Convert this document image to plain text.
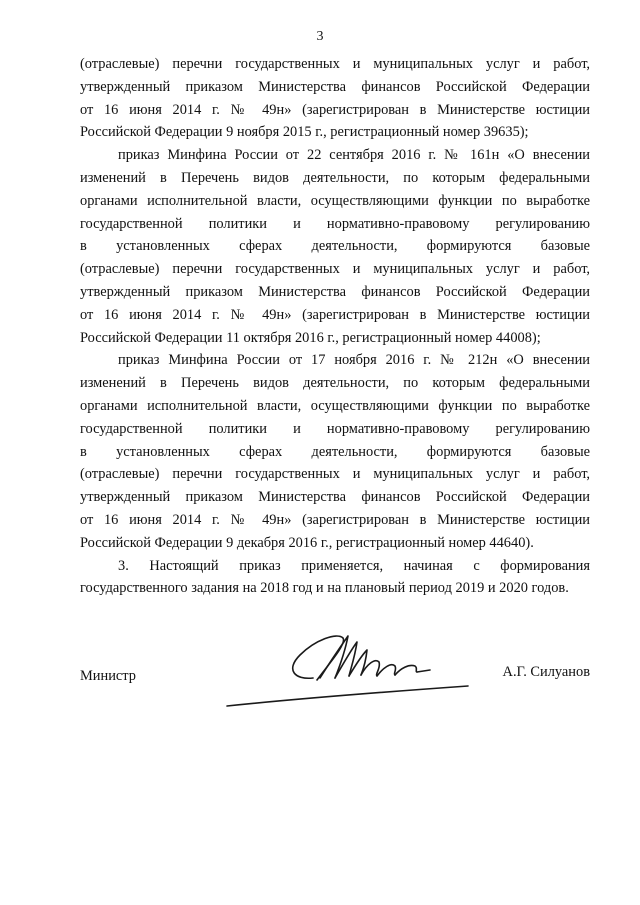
3
(отраслевые) перечни государственных и муниципальных услуг и работ,
утвержденный приказом Министерства финансов Российской Федерации
от 16 июня 2014 г. № 49н» (зарегистрирован в Министерстве юстиции
Российской Федерации 9 ноября 2015 г., регистрационный номер 39635);
приказ Минфина России от 22 сентября 2016 г. № 161н «О внесении
изменений в Перечень видов деятельности, по которым федеральными
органами исполнительной власти, осуществляющими функции по выработке
государственной политики и нормативно-правовому регулированию
в установленных сферах деятельности, формируются базовые
(отраслевые) перечни государственных и муниципальных услуг и работ,
утвержденный приказом Министерства финансов Российской Федерации
от 16 июня 2014 г. № 49н» (зарегистрирован в Министерстве юстиции
Российской Федерации 11 октября 2016 г., регистрационный номер 44008);
приказ Минфина России от 17 ноября 2016 г. № 212н «О внесении
изменений в Перечень видов деятельности, по которым федеральными
органами исполнительной власти, осуществляющими функции по выработке
государственной политики и нормативно-правовому регулированию
в установленных сферах деятельности, формируются базовые
(отраслевые) перечни государственных и муниципальных услуг и работ,
утвержденный приказом Министерства финансов Российской Федерации
от 16 июня 2014 г. № 49н» (зарегистрирован в Министерстве юстиции
Российской Федерации 9 декабря 2016 г., регистрационный номер 44640).
3. Настоящий приказ применяется, начиная с формирования
государственного задания на 2018 год и на плановый период 2019 и 2020 годов.
Министр	А.Г. Силуанов
